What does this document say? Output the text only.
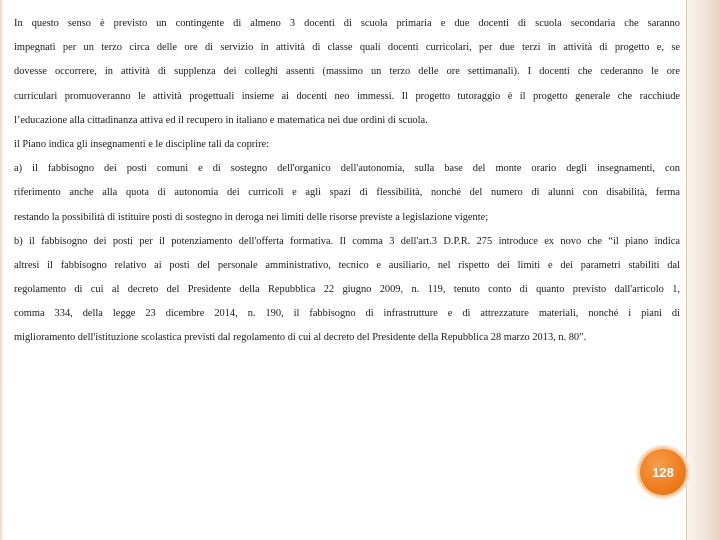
In questo senso è previsto un contingente di almeno 3 docenti di scuola primaria e due docenti di scuola secondaria che saranno
impegnati per un terzo circa delle ore di servizio in attività di classe quali docenti curricolari, per due terzi in attività di progetto e, se
dovesse occorrere, in attività di supplenza dei colleghi assenti (massimo un terzo delle ore settimanali). I docenti che cederanno le ore
curriculari promuoveranno le attività progettuali insieme ai docenti neo immessi. Il progetto tutoraggio è il progetto generale che racchiude
l’educazione alla cittadinanza attiva ed il recupero in italiano e matematica nei due ordini di scuola.
il Piano indica gli insegnamenti e le discipline tali da coprire:
a) il fabbisogno dei posti comuni e di sostegno dell'organico dell'autonomia, sulla base del monte orario degli insegnamenti, con
riferimento anche alla quota di autonomia dei curricoli e agli spazi di flessibilità, nonché del numero di alunni con disabilità, ferma
restando la possibilità di istituire posti di sostegno in deroga nei limiti delle risorse previste a legislazione vigente;
b) il fabbisogno dei posti per il potenziamento dell'offerta formativa. Il comma 3 dell'art.3 D.P.R. 275 introduce ex novo che “il piano indica
altresì il fabbisogno relativo ai posti del personale amministrativo, tecnico e ausiliario, nel rispetto dei limiti e dei parametri stabiliti dal
regolamento di cui al decreto del Presidente della Repubblica 22 giugno 2009, n. 119, tenuto conto di quanto previsto dall'articolo 1,
comma 334, della legge 23 dicembre 2014, n. 190, il fabbisogno di infrastrutture e di attrezzature materiali, nonché i piani di
miglioramento dell'istituzione scolastica previsti dal regolamento di cui al decreto del Presidente della Repubblica 28 marzo 2013, n. 80”.
128
